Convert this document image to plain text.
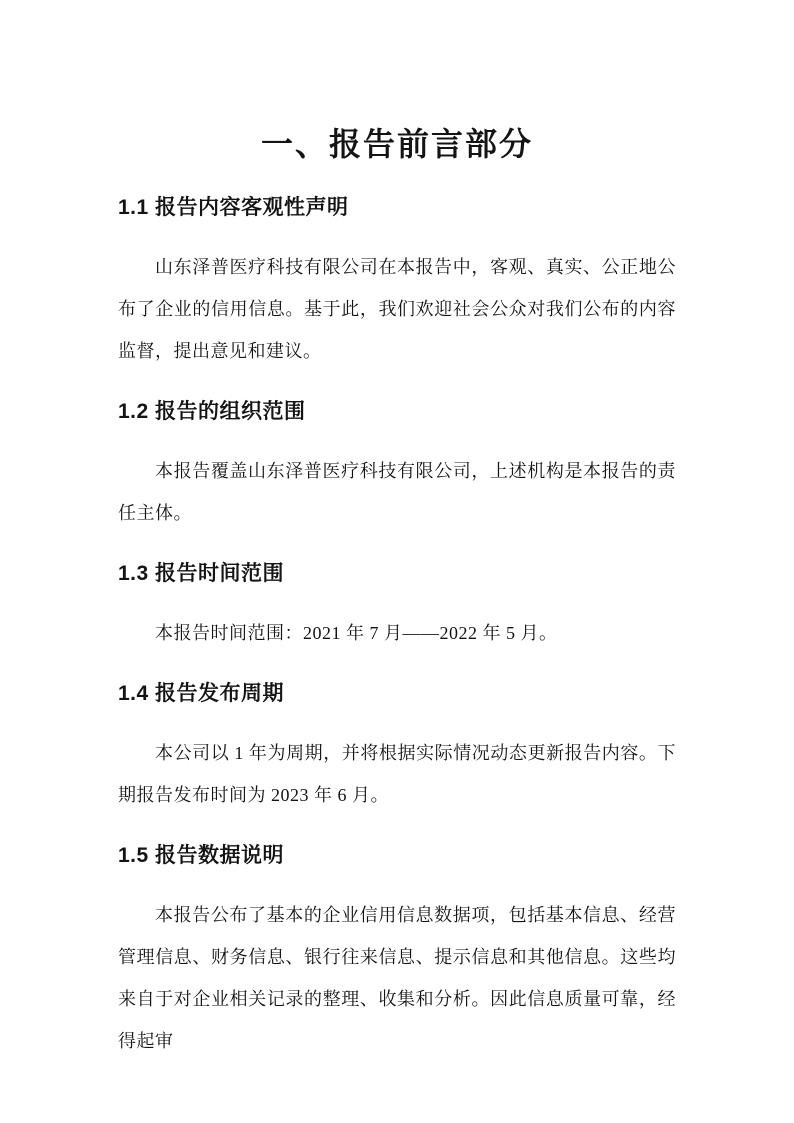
一、报告前言部分
1.1 报告内容客观性声明

山东泽普医疗科技有限公司在本报告中，客观、真实、公正地公布了企业的信用信息。基于此，我们欢迎社会公众对我们公布的内容监督，提出意见和建议。

1.2 报告的组织范围

本报告覆盖山东泽普医疗科技有限公司，上述机构是本报告的责任主体。

1.3 报告时间范围

本报告时间范围：2021 年 7 月——2022 年 5 月。

1.4 报告发布周期

本公司以 1 年为周期，并将根据实际情况动态更新报告内容。下期报告发布时间为 2023 年 6 月。

1.5 报告数据说明

本报告公布了基本的企业信用信息数据项，包括基本信息、经营管理信息、财务信息、银行往来信息、提示信息和其他信息。这些均来自于对企业相关记录的整理、收集和分析。因此信息质量可靠，经得起审
